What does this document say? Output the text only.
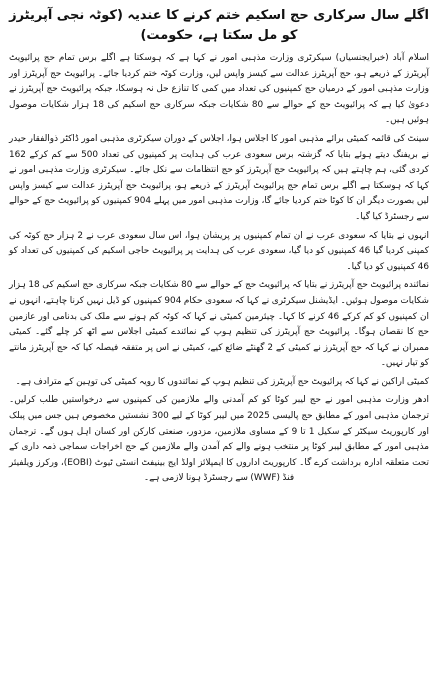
اگلے سال سرکاری حج اسکیم ختم کرنے کا عندیہ (کوٹہ نجی آپریٹرز کو مل سکتا ہے، حکومت)

اسلام آباد (خبرایجنسیاں) سیکرٹری وزارت مذہبی امور نے کہا ہے کہ ہوسکتا ہے اگلے برس تمام حج پرائیویٹ آپریٹرز کے ذریعے ہو، حج آپریٹرز عدالت سے کیسز واپس لیں، وزارت کوٹہ ختم کردیا جائے۔ پرائیویٹ حج آپریٹرز اور وزارت مذہبی امور کے درمیان حج کمپنیوں کی تعداد میں کمی کا تنازع حل نہ ہوسکا، جبکہ پرائیویٹ حج آپریٹرز نے دعویٰ کیا ہے کہ پرائیویٹ حج کے حوالے سے 80 شکایات جبکہ سرکاری حج اسکیم کی 18 ہزار شکایات موصول ہوئیں ہیں۔

سینٹ کی قائمہ کمیٹی برائے مذہبی امور کا اجلاس ہوا، اجلاس کے دوران سیکرٹری مذہبی امور ڈاکٹر ذوالفقار حیدر نے بریفنگ دیتے ہوئے بتایا کہ گزشتہ برس سعودی عرب کی ہدایت پر کمپنیوں کی تعداد 500 سے کم کرکے 162 کردی گئی، ہم چاہتے ہیں کہ پرائیویٹ حج آپریٹرز کو حج انتظامات سے نکل جائے۔ سیکرٹری وزارت مذہبی امور نے کہا کہ ہوسکتا ہے اگلے برس تمام حج پرائیویٹ آپریٹرز کے ذریعے ہو، پرائیویٹ حج آپریٹرز عدالت سے کیسز واپس لیں بصورت دیگر ان کا کوٹا ختم کردیا جائے گا، وزارت مذہبی امور میں پہلے 904 کمپنیوں کو پرائیویٹ حج کے حوالے سے رجسٹرڈ کیا گیا۔

انہوں نے بتایا کہ سعودی عرب نے ان تمام کمپنیوں پر پریشان ہوا، اس سال سعودی عرب نے 2 ہزار حج کوٹہ کی کمپنی کردیا گیا 46 کمپنیوں کو دیا گیا، سعودی عرب کی ہدایت پر پرائیویٹ حاجی اسکیم کی کمپنیوں کی تعداد کو 46 کمپنیوں کو دیا گیا۔

نمائندہ پرائیویٹ حج آپریٹرز نے بتایا کہ پرائیویٹ حج کے حوالے سے 80 شکایات جبکہ سرکاری حج اسکیم کی 18 ہزار شکایات موصول ہوئیں۔ ایڈیشنل سیکرٹری نے کہا کہ سعودی حکام 904 کمپنیوں کو ڈیل نہیں کرنا چاہتے، انہوں نے ان کمپنیوں کو کم کرکے 46 کرنے کا کہا۔ چیئرمین کمیٹی نے کہا کہ کوٹہ کم ہونے سے ملک کی بدنامی اور عازمین حج کا نقصان ہوگا۔ پرائیویٹ حج آپریٹرز کی تنظیم ہوپ کے نمائندے کمیٹی اجلاس سے اٹھ کر چلے گئے۔ کمیٹی ممبران نے کہا کہ حج آپریٹرز نے کمیٹی کے 2 گھنٹے ضائع کیے، کمیٹی نے اس پر متفقہ فیصلہ کیا کہ حج آپریٹرز مانتے کو تیار نہیں۔

کمیٹی اراکین نے کہا کہ پرائیویٹ حج آپریٹرز کی تنظیم ہوپ کے نمائندوں کا رویہ کمیٹی کی توہین کے مترادف ہے۔

ادھر وزارت مذہبی امور نے حج لیبر کوٹا کو کم آمدنی والے ملازمین کی کمپنیوں سے درخواستیں طلب کرلیں۔ ترجمان مذہبی امور کے مطابق حج پالیسی 2025 میں لیبر کوٹا کے لیے 300 نشستیں مخصوص ہیں جس میں پبلک اور کارپوریٹ سیکٹر کے سکیل 1 تا 9 کے مساوی ملازمین، مزدور، صنعتی کارکن اور کسان اہل ہوں گے۔ ترجمان مذہبی امور کے مطابق لیبر کوٹا پر منتخب ہونے والے کم آمدن والے ملازمین کے حج اخراجات سماجی ذمہ داری کے تحت متعلقہ ادارہ برداشت کرے گا۔ کارپوریٹ اداروں کا ایمپلائز اولڈ ایج بینیفٹ انسٹی ٹیوٹ (EOBI)، ورکرز ویلفیئر فنڈ (WWF) سے رجسٹرڈ ہونا لازمی ہے۔
